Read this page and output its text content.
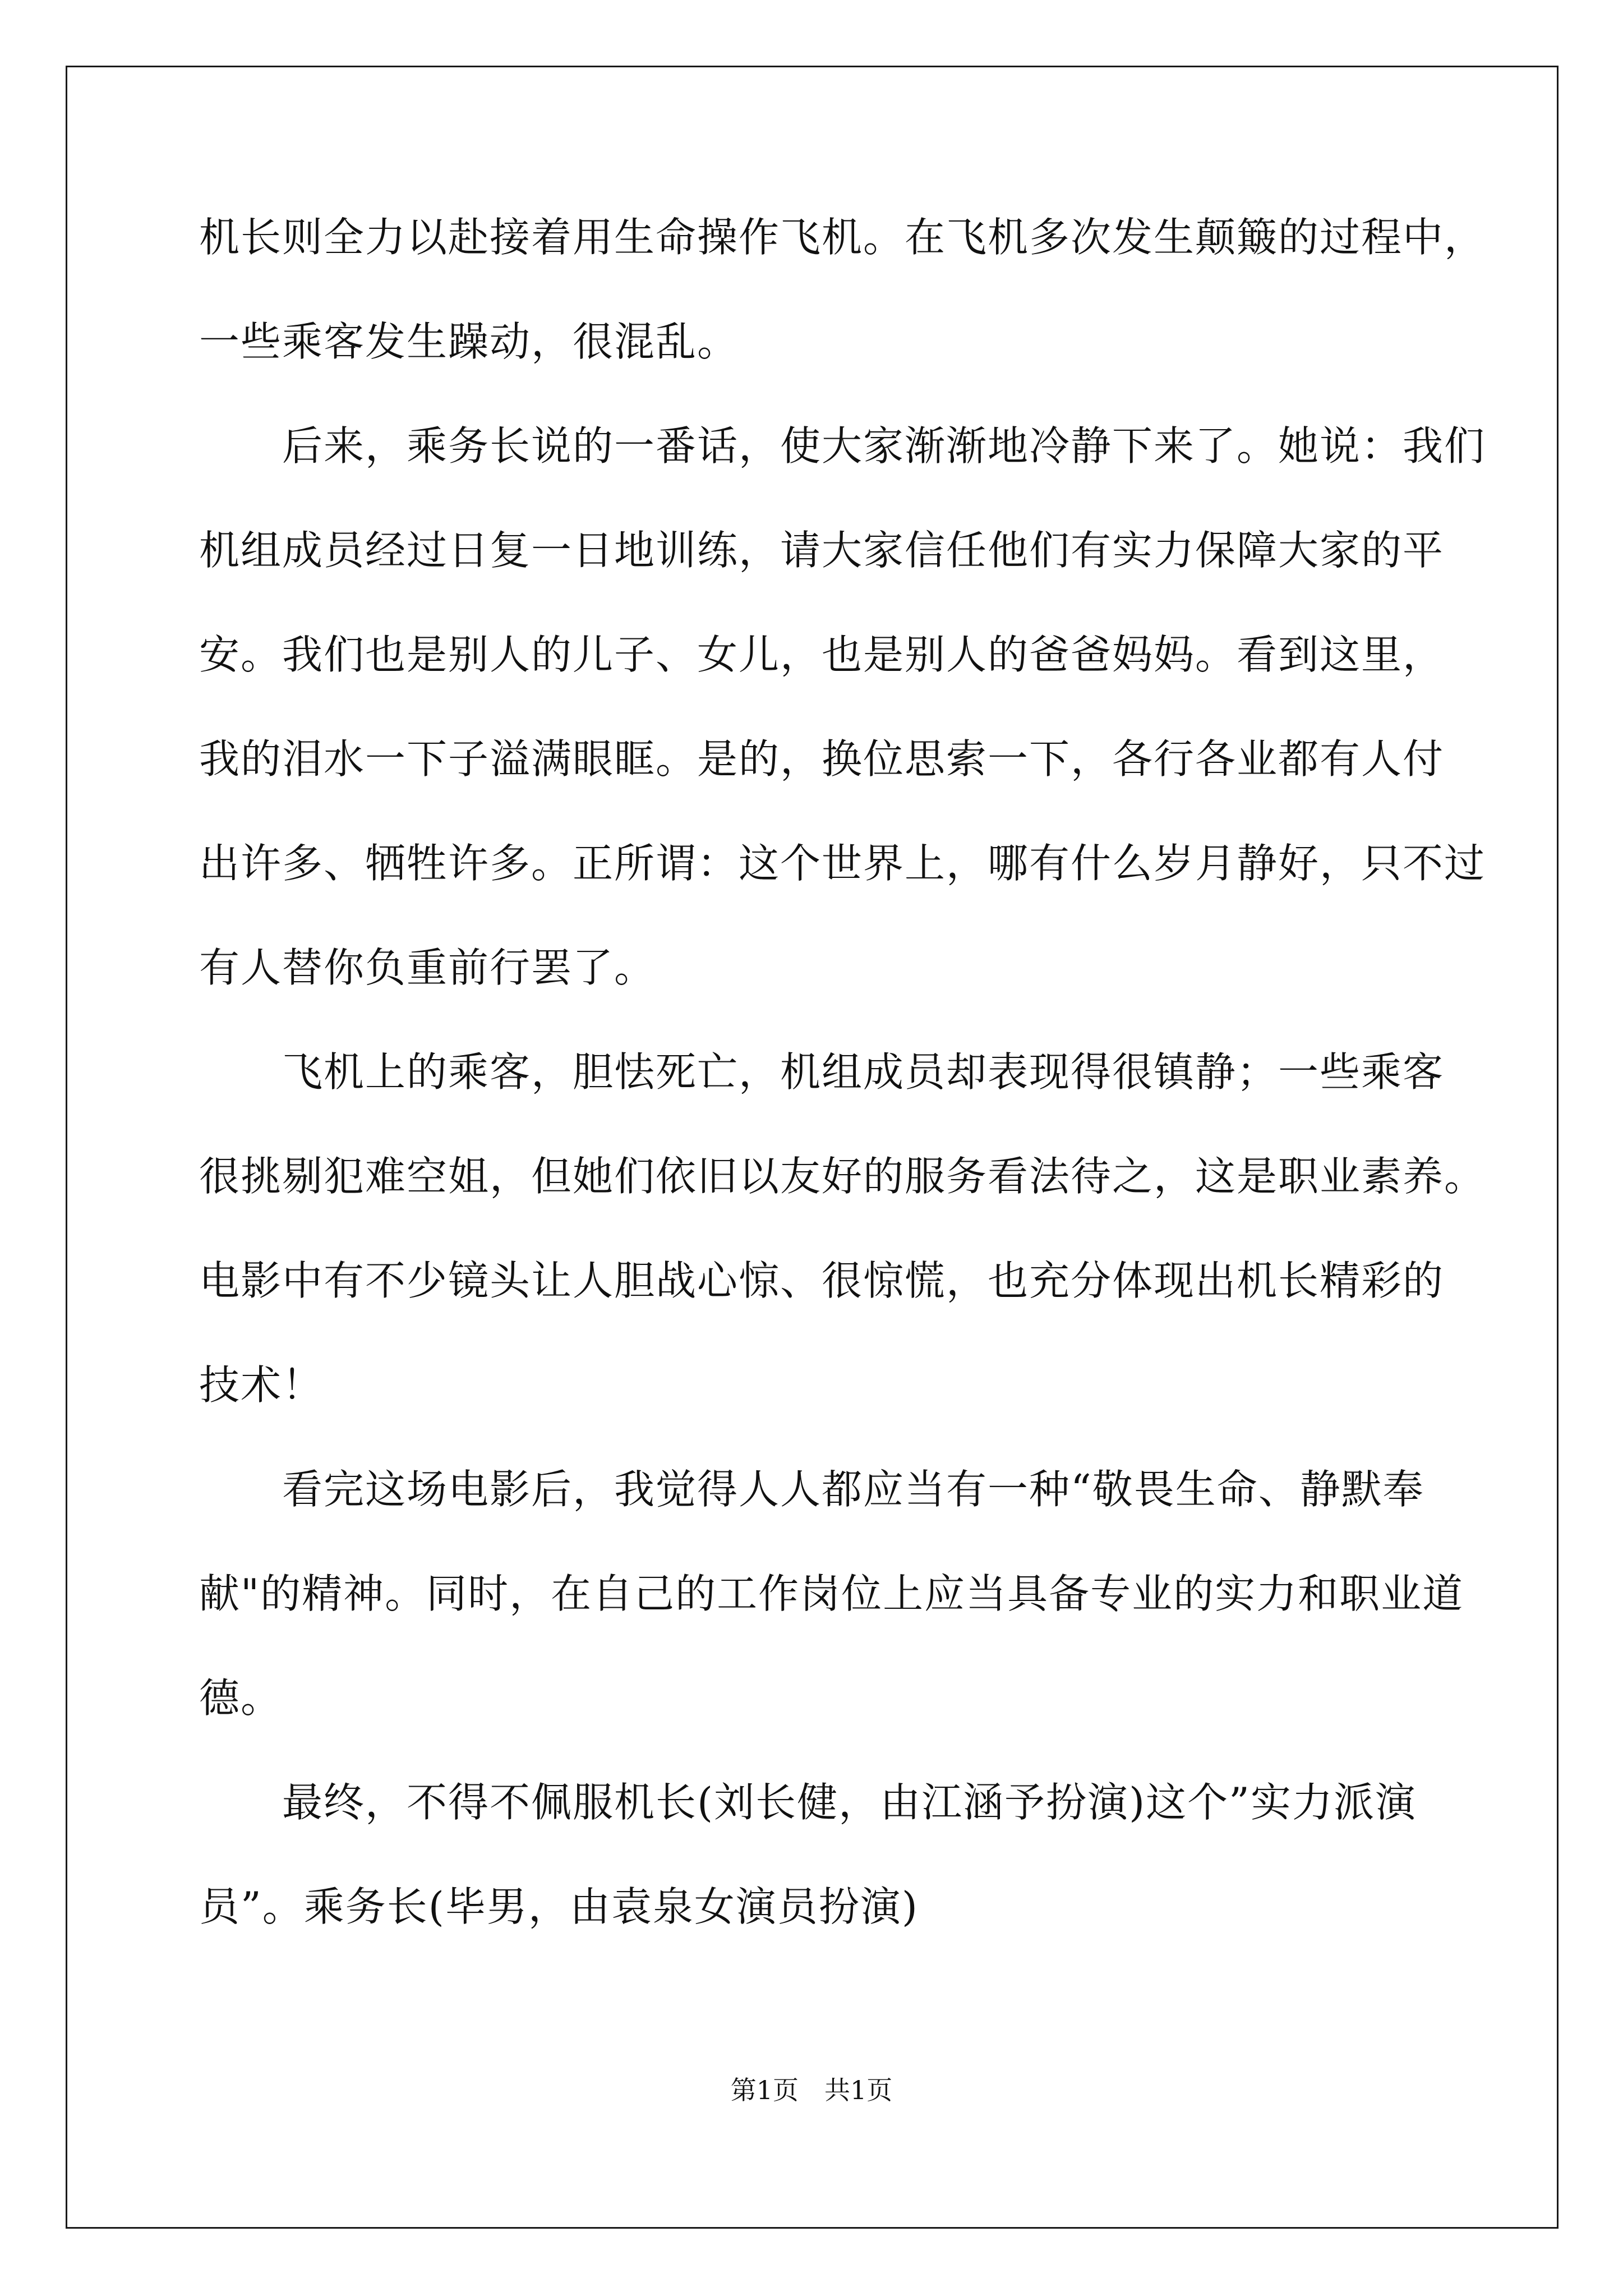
机长则全力以赴接着用生命操作飞机。在飞机多次发生颠簸的过程中，
一些乘客发生躁动，很混乱。
后来，乘务长说的一番话，使大家渐渐地冷静下来了。她说：我们
机组成员经过日复一日地训练，请大家信任他们有实力保障大家的平
安。我们也是别人的儿子、女儿，也是别人的爸爸妈妈。看到这里，
我的泪水一下子溢满眼眶。是的，换位思索一下，各行各业都有人付
出许多、牺牲许多。正所谓：这个世界上，哪有什么岁月静好，只不过
有人替你负重前行罢了。
飞机上的乘客，胆怯死亡，机组成员却表现得很镇静；一些乘客
很挑剔犯难空姐，但她们依旧以友好的服务看法待之，这是职业素养。
电影中有不少镜头让人胆战心惊、很惊慌，也充分体现出机长精彩的
技术！
看完这场电影后，我觉得人人都应当有一种“敬畏生命、静默奉
献"的精神。同时，在自己的工作岗位上应当具备专业的实力和职业道
德。
最终，不得不佩服机长(刘长健，由江涵予扮演)这个”实力派演
员”。乘务长(毕男，由袁泉女演员扮演)
第1页 共1页
